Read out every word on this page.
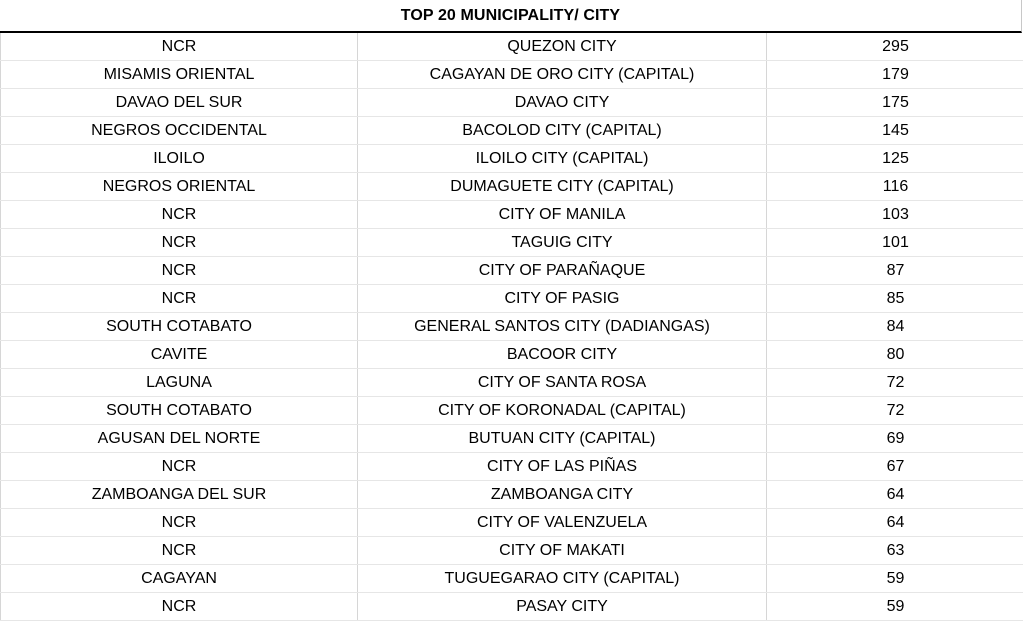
TOP 20 MUNICIPALITY/ CITY
NCR	QUEZON CITY	295
MISAMIS ORIENTAL	CAGAYAN DE ORO CITY (CAPITAL)	179
DAVAO DEL SUR	DAVAO CITY	175
NEGROS OCCIDENTAL	BACOLOD CITY (CAPITAL)	145
ILOILO	ILOILO CITY (CAPITAL)	125
NEGROS ORIENTAL	DUMAGUETE CITY (CAPITAL)	116
NCR	CITY OF MANILA	103
NCR	TAGUIG CITY	101
NCR	CITY OF PARAÑAQUE	87
NCR	CITY OF PASIG	85
SOUTH COTABATO	GENERAL SANTOS CITY (DADIANGAS)	84
CAVITE	BACOOR CITY	80
LAGUNA	CITY OF SANTA ROSA	72
SOUTH COTABATO	CITY OF KORONADAL (CAPITAL)	72
AGUSAN DEL NORTE	BUTUAN CITY (CAPITAL)	69
NCR	CITY OF LAS PIÑAS	67
ZAMBOANGA DEL SUR	ZAMBOANGA CITY	64
NCR	CITY OF VALENZUELA	64
NCR	CITY OF MAKATI	63
CAGAYAN	TUGUEGARAO CITY (CAPITAL)	59
NCR	PASAY CITY	59
